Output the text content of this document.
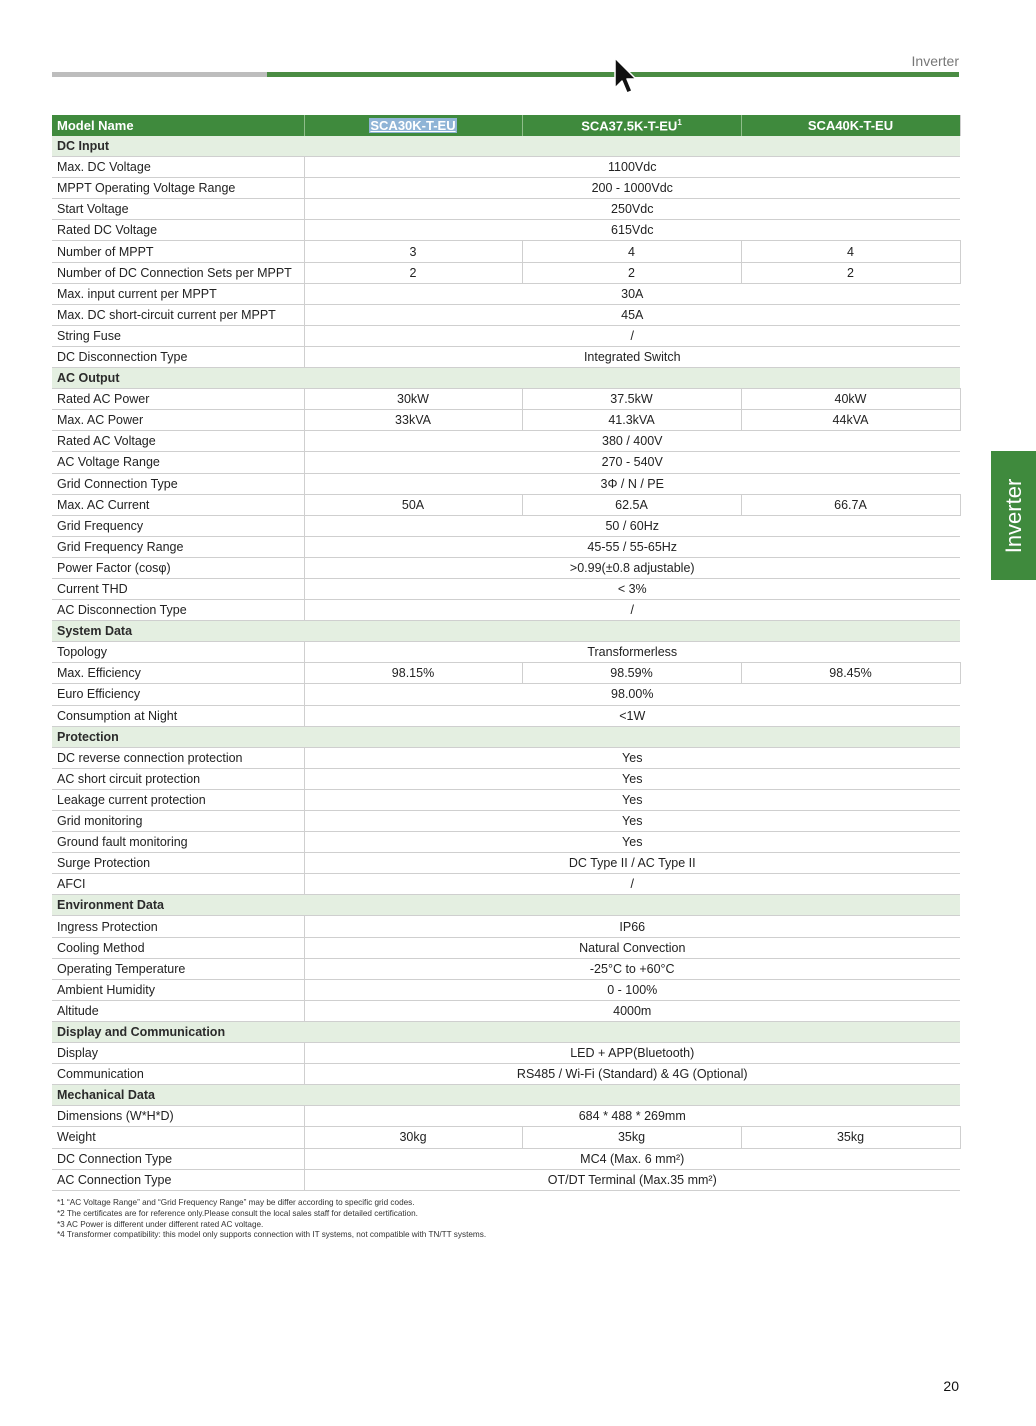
Inverter
Model Name	SCA30K-T-EU	$SCA37.5K-T-EU^1$	SCA40K-T-EU
DC Input			
Max. DC Voltage	1100Vdc		
MPPT Operating Voltage Range	200 - 1000Vdc		
Start Voltage	250Vdc		
Rated DC Voltage	615Vdc		
Number of MPPT	3	4	4
Number of DC Connection Sets per MPPT	2	2	2
Max. input current per MPPT	30A		
Max. DC short-circuit current per MPPT	45A		
String Fuse	/		
DC Disconnection Type	Integrated Switch		
AC Output			
Rated AC Power	30kW	37.5kW	40kW
Max. AC Power	33kVA	41.3kVA	44kVA
Rated AC Voltage	380 / 400V		
AC Voltage Range	270 - 540V		
Grid Connection Type	3Φ / N / PE		
Max. AC Current	50A	62.5A	66.7A
Grid Frequency	50 / 60Hz		
Grid Frequency Range	45-55 / 55-65Hz		
Power Factor (cosφ)	>0.99(±0.8 adjustable)		
Current THD	< 3%		
AC Disconnection Type	/		
System Data			
Topology	Transformerless		
Max. Efficiency	98.15%	98.59%	98.45%
Euro Efficiency	98.00%		
Consumption at Night	<1W		
Protection			
DC reverse connection protection	Yes		
AC short circuit protection	Yes		
Leakage current protection	Yes		
Grid monitoring	Yes		
Ground fault monitoring	Yes		
Surge Protection	DC Type II / AC Type II		
AFCI	/		
Environment Data			
Ingress Protection	IP66		
Cooling Method	Natural Convection		
Operating Temperature	-25°C to +60°C		
Ambient Humidity	0 - 100%		
Altitude	4000m		
Display and Communication			
Display	LED + APP(Bluetooth)		
Communication	RS485 / Wi-Fi (Standard) & 4G (Optional)		
Mechanical Data			
Dimensions (W*H*D)	684 * 488 * 269mm		
Weight	30kg	35kg	35kg
DC Connection Type	MC4 (Max. 6 mm²)		
AC Connection Type	OT/DT Terminal (Max.35 mm²)		
*1 “AC Voltage Range” and “Grid Frequency Range” may be differ according to specific grid codes.
*2 The certificates are for reference only.Please consult the local sales staff for detailed certification.
*3 AC Power is different under different rated AC voltage.
*4 Transformer compatibility: this model only supports connection with IT systems, not compatible with TN/TT systems.
20
Inverter
